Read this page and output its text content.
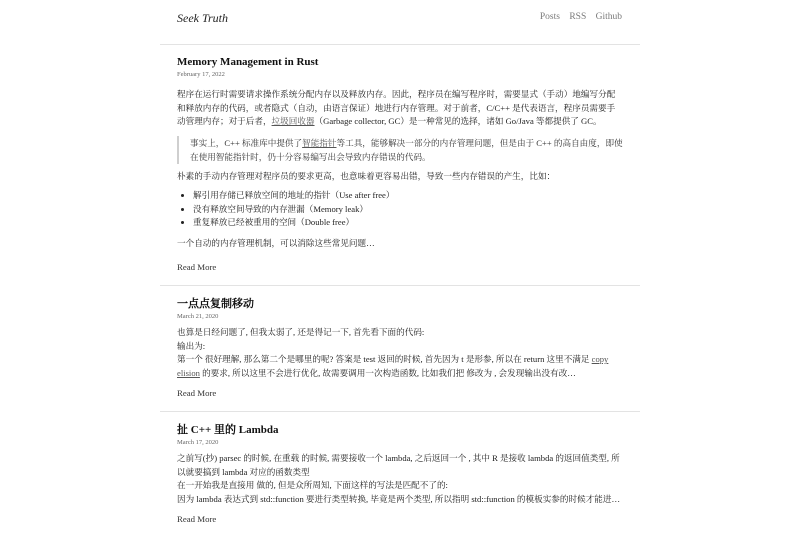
Seek Truth	Posts RSS Github
Memory Management in Rust
February 17, 2022

程序在运行时需要请求操作系统分配内存以及释放内存。因此，程序员在编写程序时，需要显式（手动）地编写分配和释放内存的代码，或者隐式（自动，由语言保证）地进行内存管理。对于前者，C/C++ 是代表语言，程序员需要手动管理内存；对于后者，垃圾回收器（Garbage collector, GC）是一种常见的选择，诸如 Go/Java 等都提供了 GC。

事实上，C++ 标准库中提供了智能指针等工具，能够解决一部分的内存管理问题，但是由于 C++ 的高自由度，即使在使用智能指针时，仍十分容易编写出会导致内存错误的代码。

朴素的手动内存管理对程序员的要求更高，也意味着更容易出错，导致一些内存错误的产生，比如：

• 解引用存储已释放空间的地址的指针（Use after free）
• 没有释放空间导致的内存泄漏（Memory leak）
• 重复释放已经被重用的空间（Double free）

一个自动的内存管理机制，可以消除这些常见问题…

Read More
一点点复制移动
March 21, 2020

也算是日经问题了, 但我太弱了, 还是得记一下, 首先看下面的代码:

输出为:

第一个 很好理解, 那么第二个是哪里的呢? 答案是 test 返回的时候, 首先因为 t 是形参, 所以在 return 这里不满足 copy elision 的要求, 所以这里不会进行优化, 故需要调用一次构造函数, 比如我们把 修改为 , 会发现输出没有改…

Read More
扯 C++ 里的 Lambda
March 17, 2020

之前写(抄) parsec 的时候, 在重载 的时候, 需要接收一个 lambda, 之后返回一个 , 其中 R 是接收 lambda 的返回值类型, 所以就要搞到 lambda 对应的函数类型

在一开始我是直接用 做的, 但是众所周知, 下面这样的写法是匹配不了的:

因为 lambda 表达式到 std::function 要进行类型转换, 毕竟是两个类型, 所以指明 std::function 的模板实参的时候才能进…

Read More
